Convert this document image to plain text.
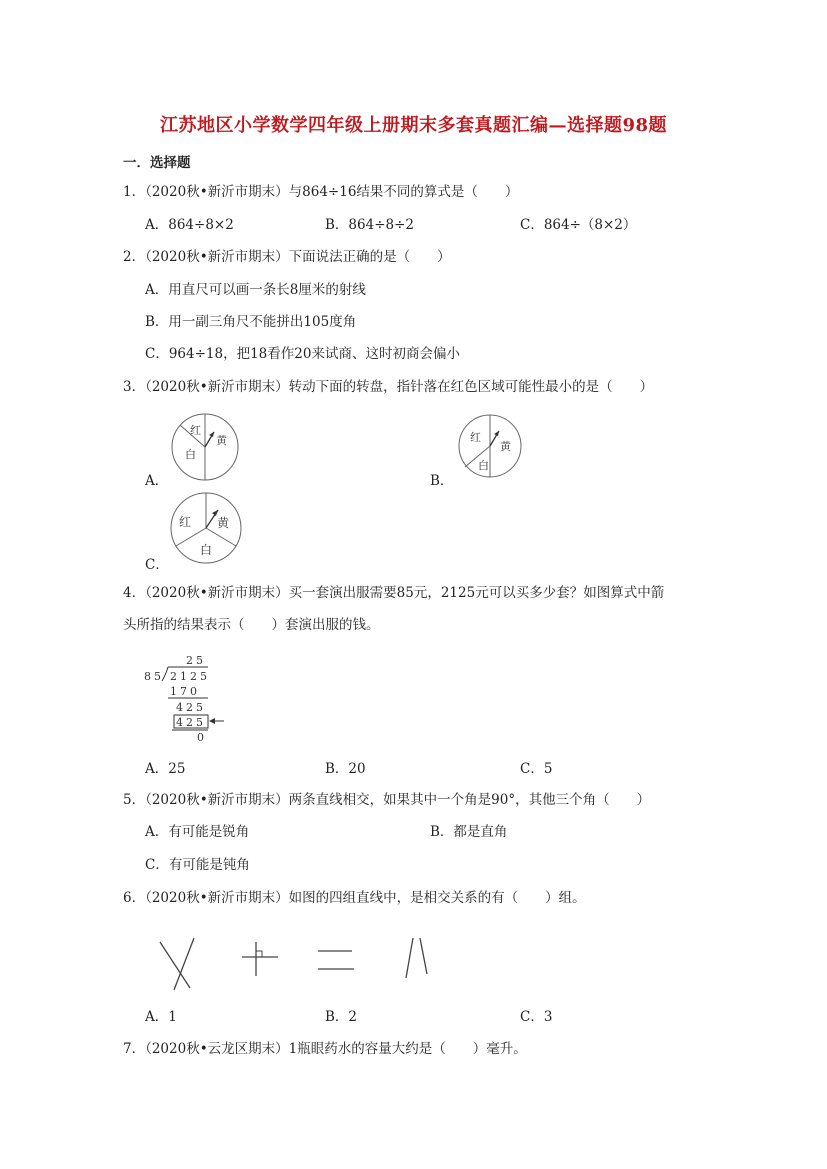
江苏地区小学数学四年级上册期末多套真题汇编—选择题98题
一．选择题
1．（2020秋•新沂市期末）与864÷16结果不同的算式是（　　）
A．864÷8×2	B．864÷8÷2	C．864÷（8×2）
2．（2020秋•新沂市期末）下面说法正确的是（　　）
A．用直尺可以画一条长8厘米的射线
B．用一副三角尺不能拼出105度角
C．964÷18，把18看作20来试商、这时初商会偏小
3．（2020秋•新沂市期末）转动下面的转盘，指针落在红色区域可能性最小的是（　　）
红
黄
白
A．
红
黄
白
B．
红 黄
白
C．
4．（2020秋•新沂市期末）买一套演出服需要85元，2125元可以买多少套？如图算式中箭
头所指的结果表示（　　）套演出服的钱。
25
85 2125
170
425
425
0
A．25	B．20	C．5
5．（2020秋•新沂市期末）两条直线相交，如果其中一个角是90°，其他三个角（　　）
A．有可能是锐角	B．都是直角
C．有可能是钝角
6．（2020秋•新沂市期末）如图的四组直线中，是相交关系的有（　　）组。
A．1	B．2	C．3
7．（2020秋•云龙区期末）1瓶眼药水的容量大约是（　　）毫升。
